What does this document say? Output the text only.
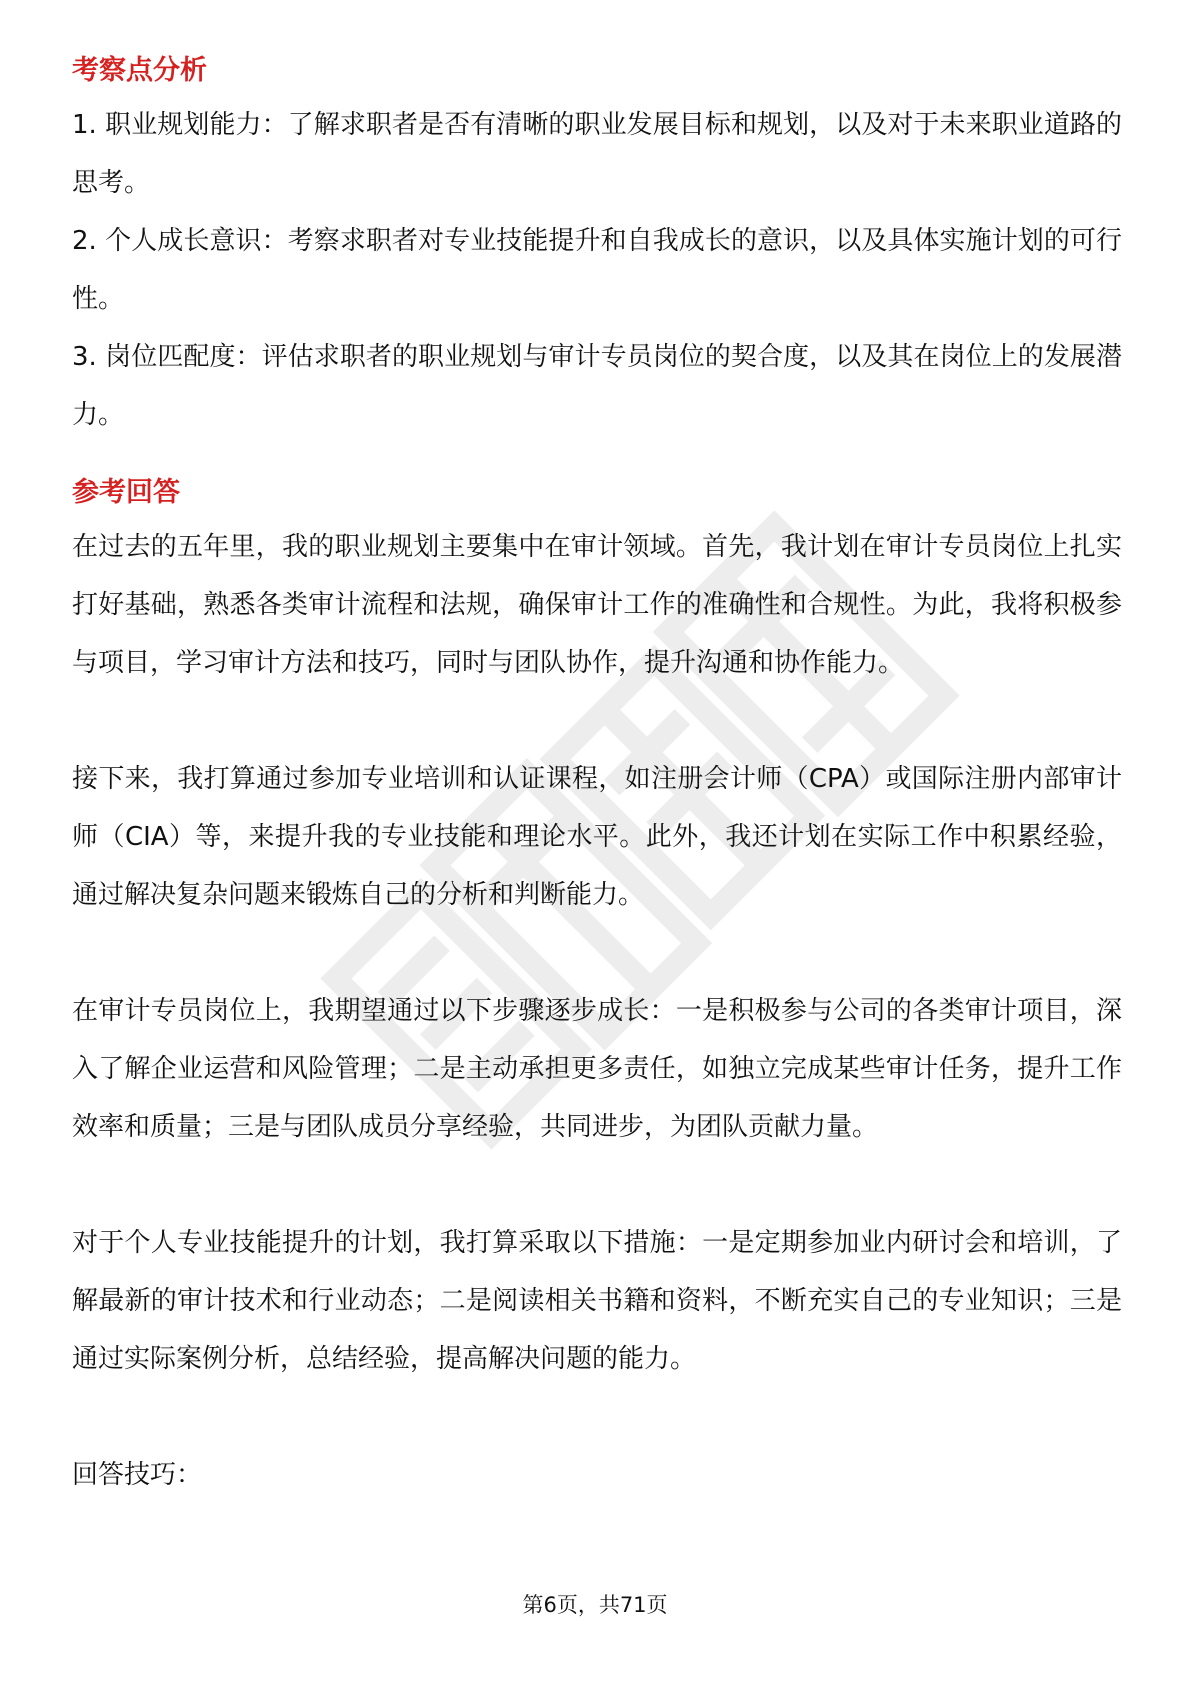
考察点分析

1. 职业规划能力：了解求职者是否有清晰的职业发展目标和规划，以及对于未来职业道路的思考。

2. 个人成长意识：考察求职者对专业技能提升和自我成长的意识，以及具体实施计划的可行性。

3. 岗位匹配度：评估求职者的职业规划与审计专员岗位的契合度，以及其在岗位上的发展潜力。

参考回答

在过去的五年里，我的职业规划主要集中在审计领域。首先，我计划在审计专员岗位上扎实打好基础，熟悉各类审计流程和法规，确保审计工作的准确性和合规性。为此，我将积极参与项目，学习审计方法和技巧，同时与团队协作，提升沟通和协作能力。

接下来，我打算通过参加专业培训和认证课程，如注册会计师（CPA）或国际注册内部审计师（CIA）等，来提升我的专业技能和理论水平。此外，我还计划在实际工作中积累经验，通过解决复杂问题来锻炼自己的分析和判断能力。

在审计专员岗位上，我期望通过以下步骤逐步成长：一是积极参与公司的各类审计项目，深入了解企业运营和风险管理；二是主动承担更多责任，如独立完成某些审计任务，提升工作效率和质量；三是与团队成员分享经验，共同进步，为团队贡献力量。

对于个人专业技能提升的计划，我打算采取以下措施：一是定期参加业内研讨会和培训，了解最新的审计技术和行业动态；二是阅读相关书籍和资料，不断充实自己的专业知识；三是通过实际案例分析，总结经验，提高解决问题的能力。

回答技巧：

第6页，共71页
